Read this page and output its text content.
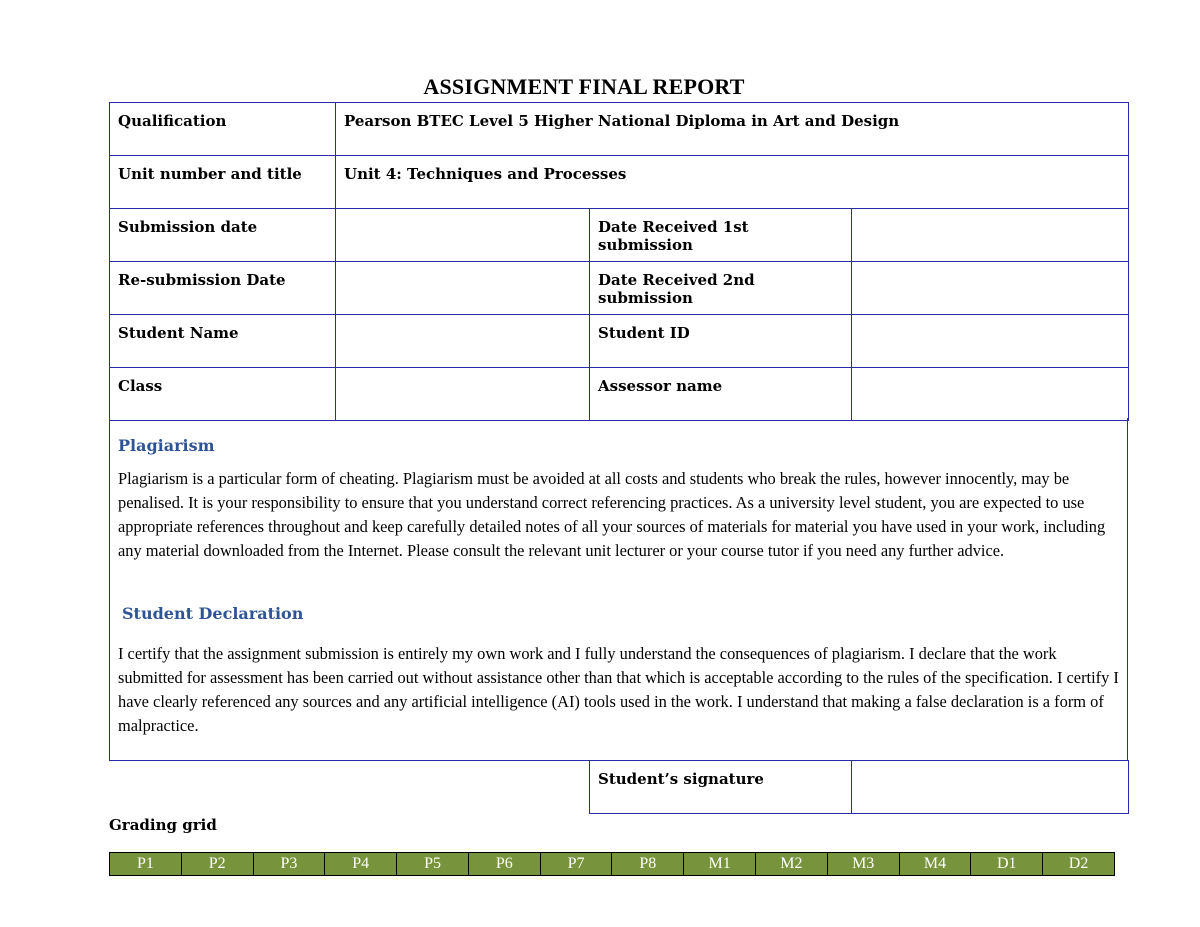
ASSIGNMENT FINAL REPORT
Qualification	Pearson BTEC Level 5 Higher National Diploma in Art and Design		
Unit number and title	Unit 4: Techniques and Processes		
Submission date		Date Received 1st submission	
Re-submission Date		Date Received 2nd submission	
Student Name		Student ID	
Class		Assessor name	
Plagiarism
Plagiarism is a particular form of cheating. Plagiarism must be avoided at all costs and students who break the rules, however innocently, may be penalised. It is your responsibility to ensure that you understand correct referencing practices. As a university level student, you are expected to use appropriate references throughout and keep carefully detailed notes of all your sources of materials for material you have used in your work, including any material downloaded from the Internet. Please consult the relevant unit lecturer or your course tutor if you need any further advice.
Student Declaration
I certify that the assignment submission is entirely my own work and I fully understand the consequences of plagiarism. I declare that the work submitted for assessment has been carried out without assistance other than that which is acceptable according to the rules of the specification. I certify I have clearly referenced any sources and any artificial intelligence (AI) tools used in the work. I understand that making a false declaration is a form of malpractice.
Student’s signature	
Grading grid
P1	P2	P3	P4	P5	P6	P7	P8	M1	M2	M3	M4	D1	D2
